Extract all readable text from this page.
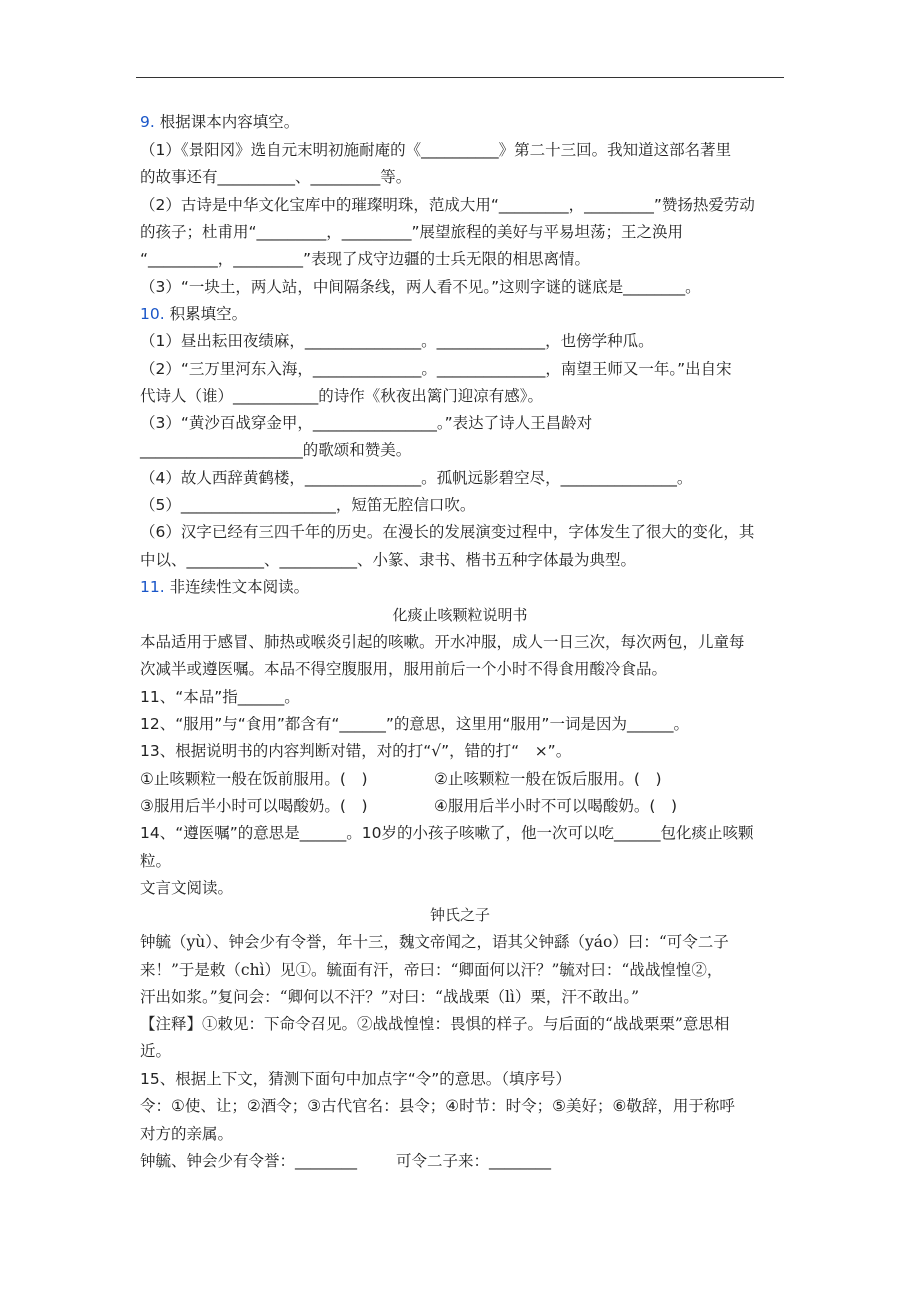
9. 根据课本内容填空。
（1）《景阳冈》选自元末明初施耐庵的《__________》第二十三回。我知道这部名著里
的故事还有__________、_________等。
（2）古诗是中华文化宝库中的璀璨明珠，范成大用“_________，_________”赞扬热爱劳动
的孩子；杜甫用“_________，_________”展望旅程的美好与平易坦荡；王之涣用
“_________，_________”表现了戍守边疆的士兵无限的相思离情。
（3）“一块土，两人站，中间隔条线，两人看不见。”这则字谜的谜底是________。
10. 积累填空。
（1）昼出耘田夜绩麻，_______________。______________，也傍学种瓜。
（2）“三万里河东入海，______________。______________，南望王师又一年。”出自宋
代诗人（谁）___________的诗作《秋夜出篱门迎凉有感》。
（3）“黄沙百战穿金甲，________________。”表达了诗人王昌龄对
_____________________的歌颂和赞美。
（4）故人西辞黄鹤楼，_______________。孤帆远影碧空尽，_______________。
（5）____________________，短笛无腔信口吹。
（6）汉字已经有三四千年的历史。在漫长的发展演变过程中，字体发生了很大的变化，其
中以、__________、__________、小篆、隶书、楷书五种字体最为典型。
11. 非连续性文本阅读。
化痰止咳颗粒说明书
本品适用于感冒、肺热或喉炎引起的咳嗽。开水冲服，成人一日三次，每次两包，儿童每
次减半或遵医嘱。本品不得空腹服用，服用前后一个小时不得食用酸冷食品。
11、“本品”指______。
12、“服用”与“食用”都含有“______”的意思，这里用“服用”一词是因为______。
13、根据说明书的内容判断对错，对的打“√”，错的打“　×”。
①止咳颗粒一般在饭前服用。(　)	②止咳颗粒一般在饭后服用。(　)
③服用后半小时可以喝酸奶。(　)	④服用后半小时不可以喝酸奶。(　)
14、“遵医嘱”的意思是______。10岁的小孩子咳嗽了，他一次可以吃______包化痰止咳颗
粒。
文言文阅读。
钟氏之子
钟毓（yù）、钟会少有令誉，年十三，魏文帝闻之，语其父钟繇（yáo）曰：“可令二子
来！”于是敕（chì）见①。毓面有汗，帝曰：“卿面何以汗？”毓对曰：“战战惶惶②，
汗出如浆。”复问会：“卿何以不汗？”对曰：“战战栗（lì）栗，汗不敢出。”
【注释】①敕见：下命令召见。②战战惶惶：畏惧的样子。与后面的“战战栗栗”意思相
近。
15、根据上下文，猜测下面句中加点字“令”的意思。（填序号）
令：①使、让；②酒令；③古代官名：县令；④时节：时令；⑤美好；⑥敬辞，用于称呼
对方的亲属。
钟毓、钟会少有令誉：________	可令二子来：________
